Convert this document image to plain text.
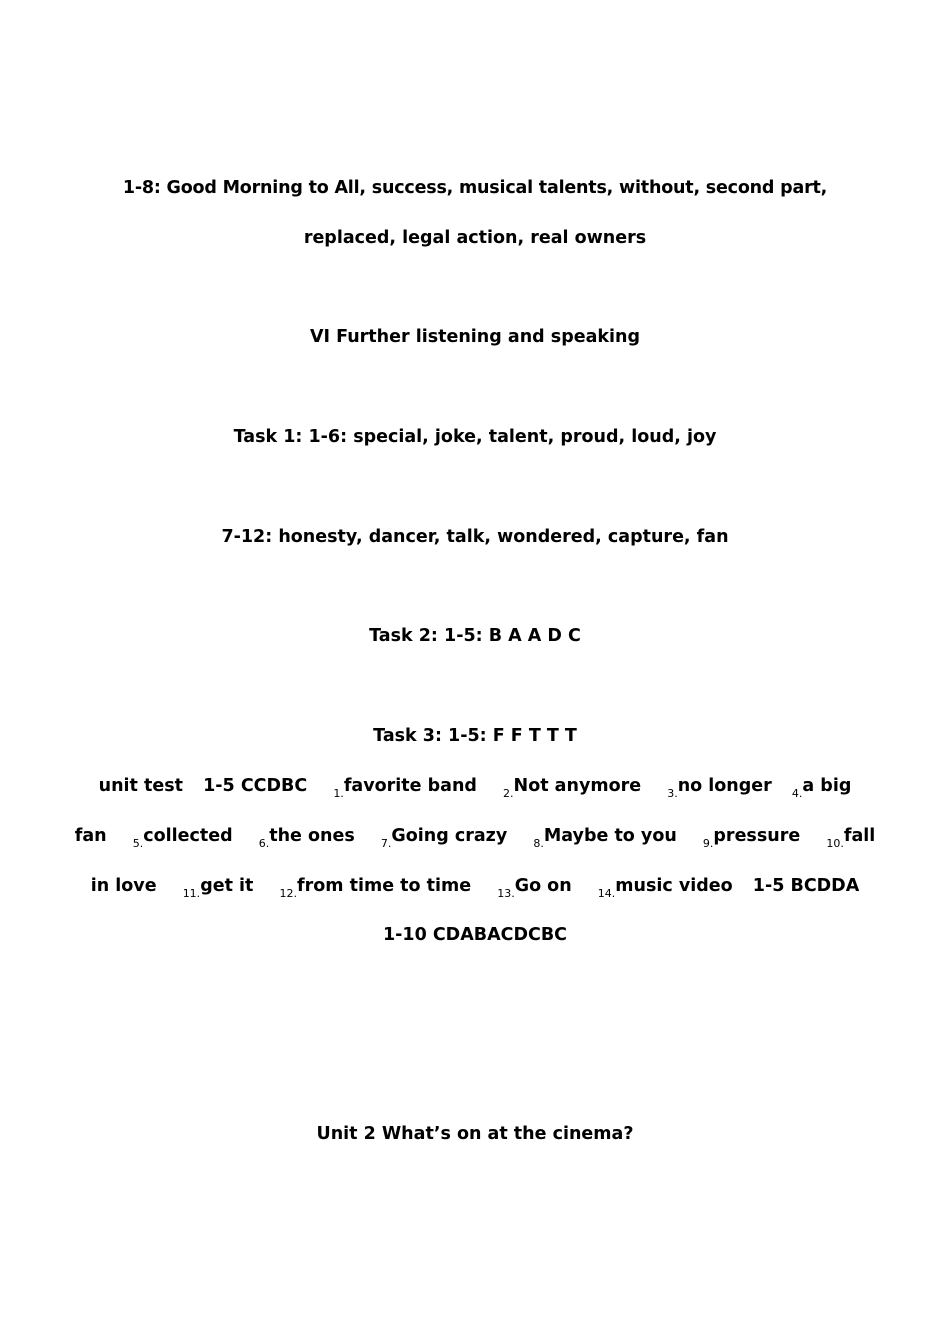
1-8: Good Morning to All, success, musical talents, without, second part,
replaced, legal action, real owners
VI Further listening and speaking
Task 1: 1-6: special, joke, talent, proud, loud, joy
7-12: honesty, dancer, talk, wondered, capture, fan
Task 2: 1-5: B A A D C
Task 3: 1-5: F F T T T
unit test 1-5 CCDBC $_{1.}$favorite band $_{2.}$Not anymore $_{3.}$no longer $_{4.}$a big
fan $_{5.}$collected $_{6.}$the ones $_{7.}$Going crazy $_{8.}$Maybe to you $_{9.}$pressure $_{10.}$fall
in love $_{11.}$get it $_{12.}$from time to time $_{13.}$Go on $_{14.}$music video 1-5 BCDDA
1-10 CDABACDCBC
Unit 2 What’s on at the cinema?
